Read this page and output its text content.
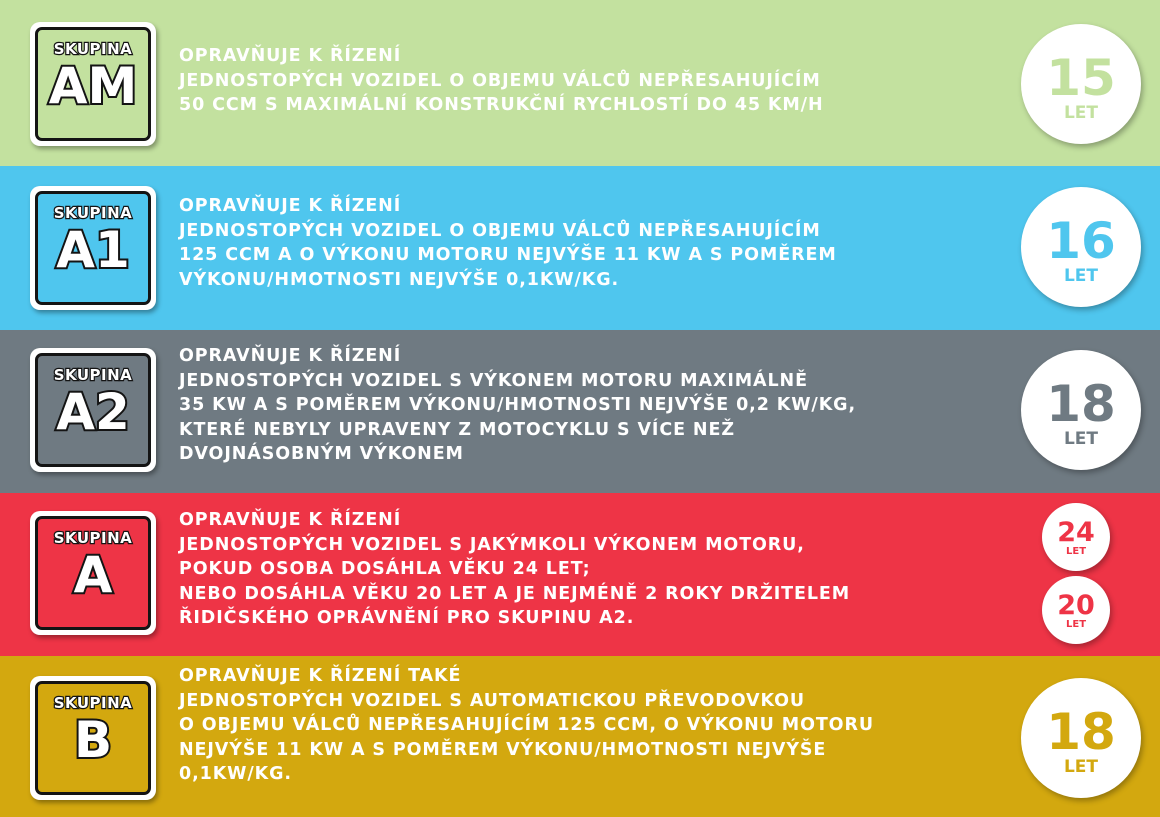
SKUPINA
AM
OPRAVŇUJE K ŘÍZENÍ
JEDNOSTOPÝCH VOZIDEL O OBJEMU VÁLCŮ NEPŘESAHUJÍCÍM
50 CCM S MAXIMÁLNÍ KONSTRUKČNÍ RYCHLOSTÍ DO 45 KM/H	15
LET
SKUPINA
A1
OPRAVŇUJE K ŘÍZENÍ
JEDNOSTOPÝCH VOZIDEL O OBJEMU VÁLCŮ NEPŘESAHUJÍCÍM
125 CCM A O VÝKONU MOTORU NEJVÝŠE 11 KW A S POMĚREM
VÝKONU/HMOTNOSTI NEJVÝŠE 0,1KW/KG.
16
LET
SKUPINA
A2
OPRAVŇUJE K ŘÍZENÍ
JEDNOSTOPÝCH VOZIDEL S VÝKONEM MOTORU MAXIMÁLNĚ
35 KW A S POMĚREM VÝKONU/HMOTNOSTI NEJVÝŠE 0,2 KW/KG,
KTERÉ NEBYLY UPRAVENY Z MOTOCYKLU S VÍCE NEŽ
DVOJNÁSOBNÝM VÝKONEM
18
LET
SKUPINA
A
OPRAVŇUJE K ŘÍZENÍ
JEDNOSTOPÝCH VOZIDEL S JAKÝMKOLI VÝKONEM MOTORU,
POKUD OSOBA DOSÁHLA VĚKU 24 LET;
NEBO DOSÁHLA VĚKU 20 LET A JE NEJMÉNĚ 2 ROKY DRŽITELEM
ŘIDIČSKÉHO OPRÁVNĚNÍ PRO SKUPINU A2.
24
LET
20
LET
SKUPINA
B
OPRAVŇUJE K ŘÍZENÍ TAKÉ
JEDNOSTOPÝCH VOZIDEL S AUTOMATICKOU PŘEVODOVKOU
O OBJEMU VÁLCŮ NEPŘESAHUJÍCÍM 125 CCM, O VÝKONU MOTORU
NEJVÝŠE 11 KW A S POMĚREM VÝKONU/HMOTNOSTI NEJVÝŠE
0,1KW/KG.
18
LET
